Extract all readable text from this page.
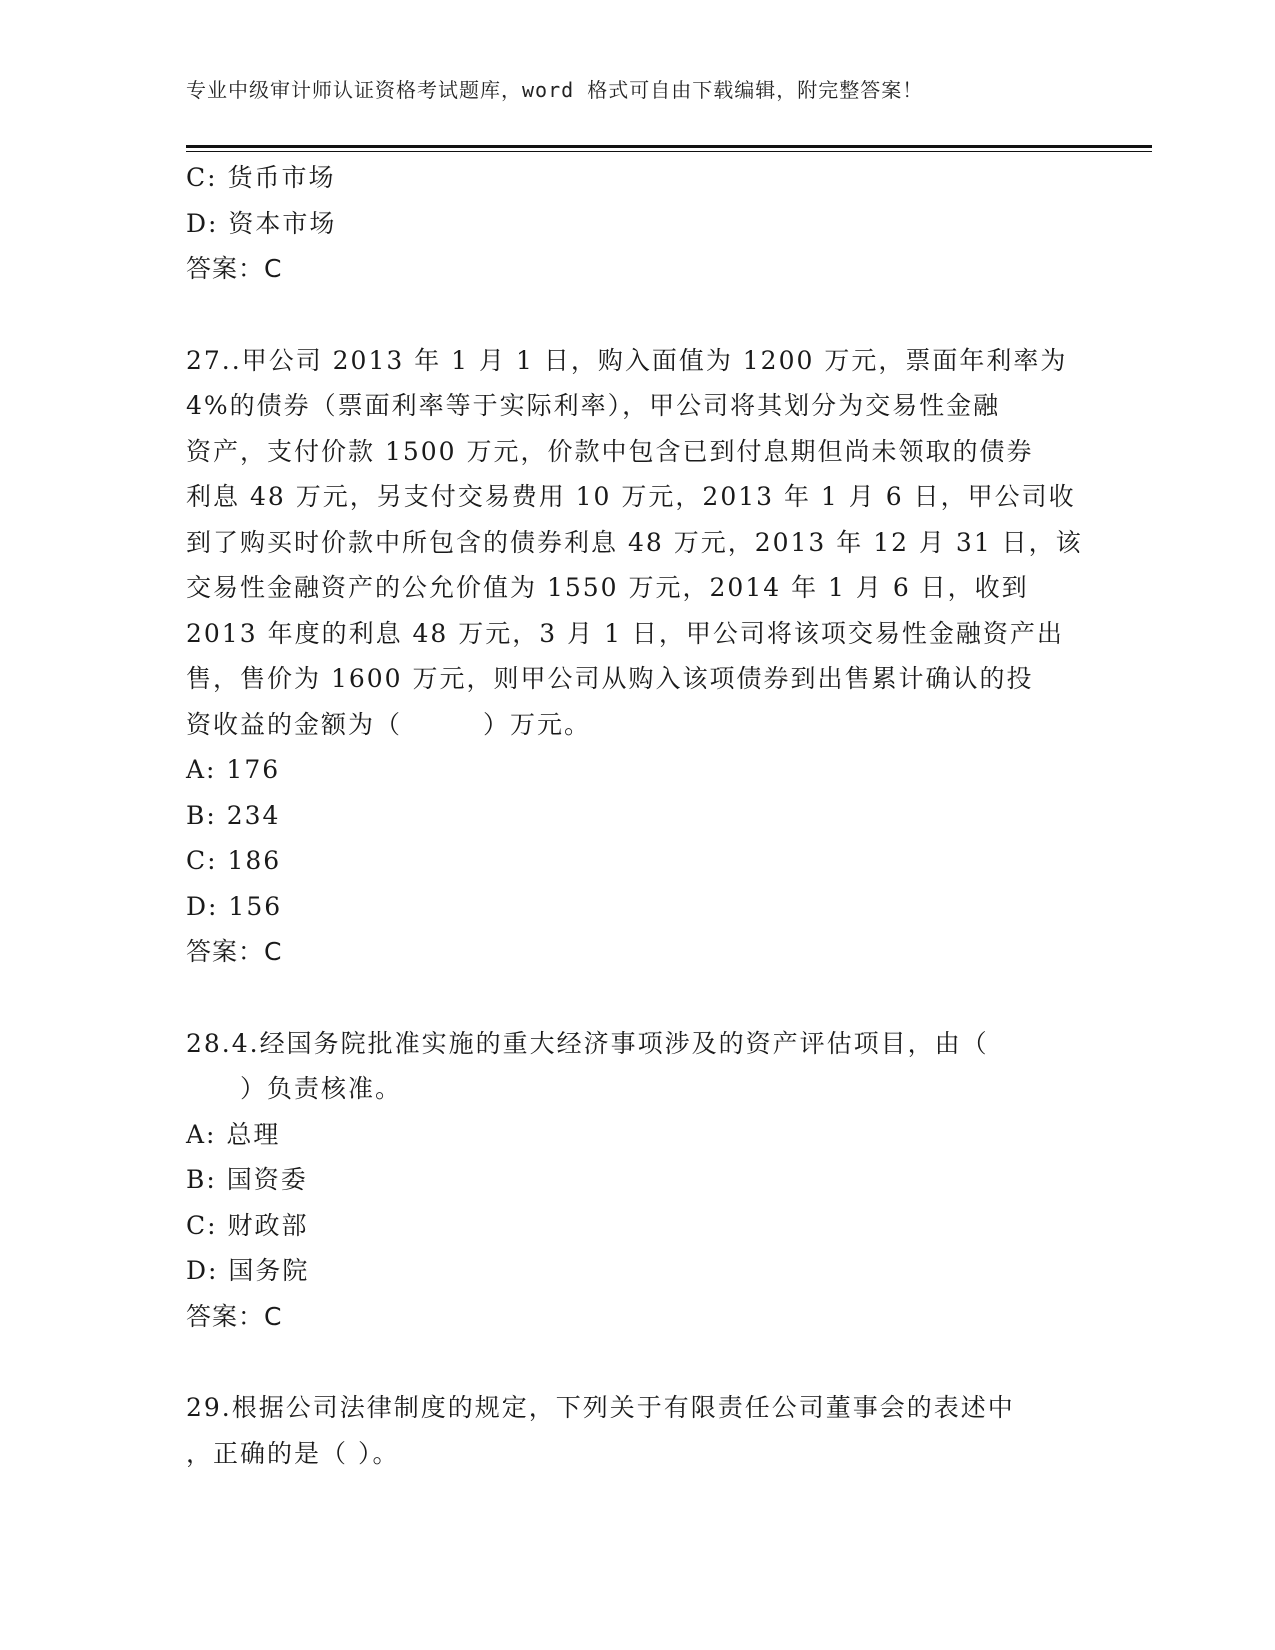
专业中级审计师认证资格考试题库，word 格式可自由下载编辑，附完整答案！
C: 货币市场
D: 资本市场
答案：C
27..甲公司 2013 年 1 月 1 日，购入面值为 1200 万元，票面年利率为
4%的债券（票面利率等于实际利率），甲公司将其划分为交易性金融
资产，支付价款 1500 万元，价款中包含已到付息期但尚未领取的债券
利息 48 万元，另支付交易费用 10 万元，2013 年 1 月 6 日，甲公司收
到了购买时价款中所包含的债券利息 48 万元，2013 年 12 月 31 日，该
交易性金融资产的公允价值为 1550 万元，2014 年 1 月 6 日，收到
2013 年度的利息 48 万元，3 月 1 日，甲公司将该项交易性金融资产出
售，售价为 1600 万元，则甲公司从购入该项债券到出售累计确认的投
资收益的金额为（　　　）万元。
A: 176
B: 234
C: 186
D: 156
答案：C
28.4.经国务院批准实施的重大经济事项涉及的资产评估项目，由（
　　）负责核准。
A: 总理
B: 国资委
C: 财政部
D: 国务院
答案：C
29.根据公司法律制度的规定，下列关于有限责任公司董事会的表述中
，正确的是（ ）。
